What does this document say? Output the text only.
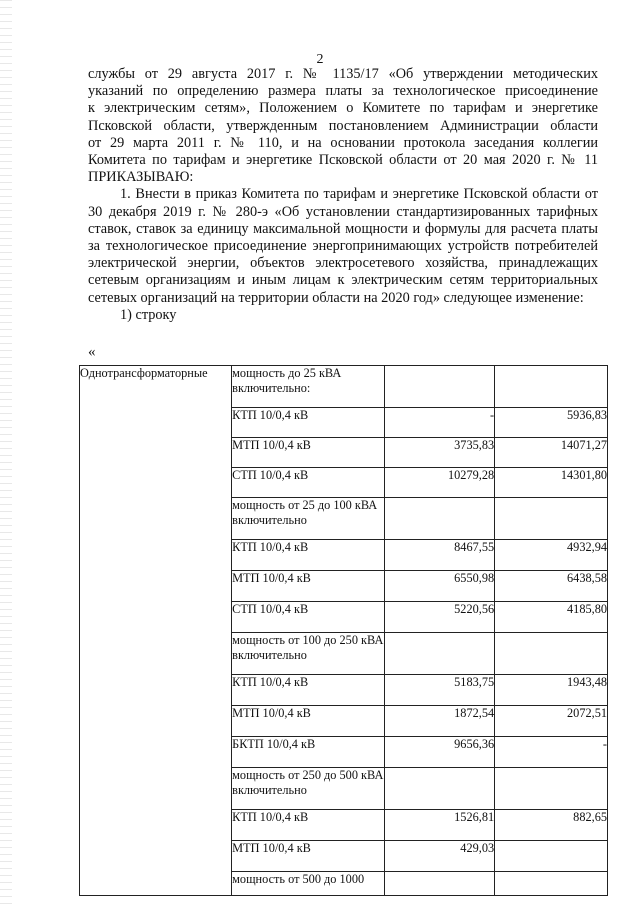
2
службы от 29 августа 2017 г. № 1135/17 «Об утверждении методических
указаний по определению размера платы за технологическое присоединение
к электрическим сетям», Положением о Комитете по тарифам и энергетике
Псковской области, утвержденным постановлением Администрации области
от 29 марта 2011 г. № 110, и на основании протокола заседания коллегии
Комитета по тарифам и энергетике Псковской области от 20 мая 2020 г. № 11

ПРИКАЗЫВАЮ:

1. Внести в приказ Комитета по тарифам и энергетике Псковской области от 30 декабря 2019 г. № 280-э «Об установлении стандартизированных тарифных ставок, ставок за единицу максимальной мощности и формулы для расчета платы за технологическое присоединение энергопринимающих устройств потребителей электрической энергии, объектов электросетевого хозяйства, принадлежащих сетевым организациям и иным лицам к электрическим сетям территориальных сетевых организаций на территории области на 2020 год» следующее изменение:

1) строку

«
Однотрансформаторные	мощность до 25 кВА включительно:		
	КТП 10/0,4 кВ	-	5936,83
	МТП 10/0,4 кВ	3735,83	14071,27
	СТП 10/0,4 кВ	10279,28	14301,80
	мощность от 25 до 100 кВА включительно		
	КТП 10/0,4 кВ	8467,55	4932,94
	МТП 10/0,4 кВ	6550,98	6438,58
	СТП 10/0,4 кВ	5220,56	4185,80
	мощность от 100 до 250 кВА включительно		
	КТП 10/0,4 кВ	5183,75	1943,48
	МТП 10/0,4 кВ	1872,54	2072,51
	БКТП 10/0,4 кВ	9656,36	-
	мощность от 250 до 500 кВА включительно		
	КТП 10/0,4 кВ	1526,81	882,65
	МТП 10/0,4 кВ	429,03	
	мощность от 500 до 1000		
